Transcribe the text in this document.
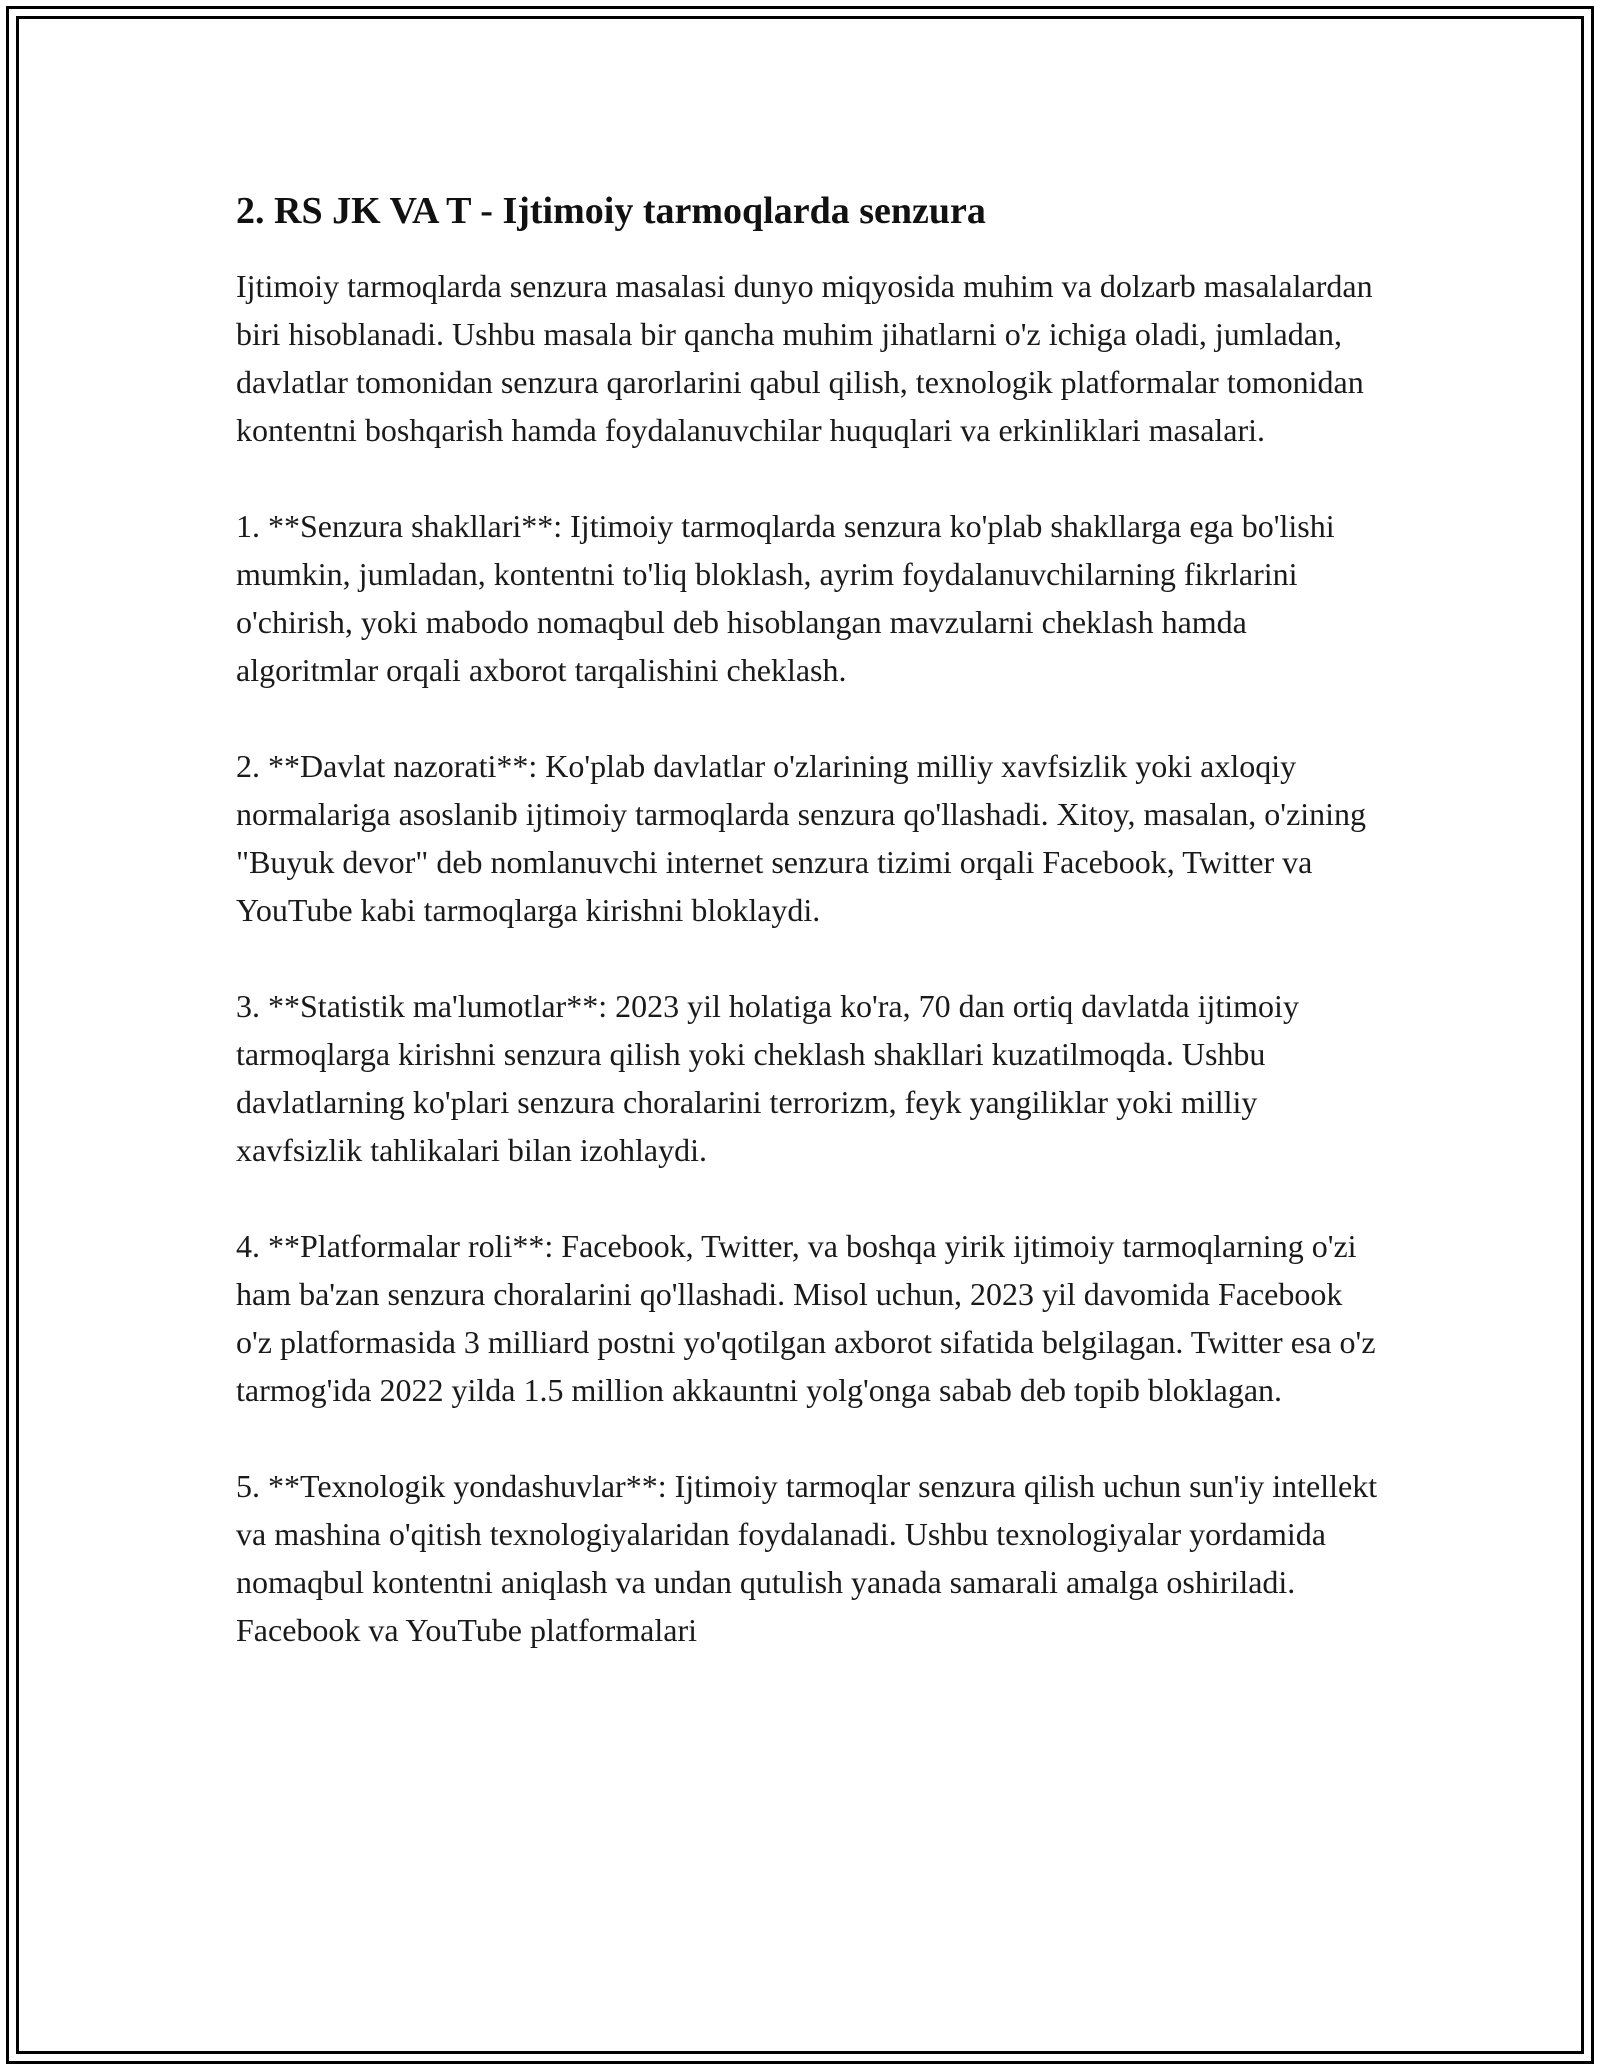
2. RS JK VA T - Ijtimoiy tarmoqlarda senzura

Ijtimoiy tarmoqlarda senzura masalasi dunyo miqyosida muhim va dolzarb masalalardan biri hisoblanadi. Ushbu masala bir qancha muhim jihatlarni o'z ichiga oladi, jumladan, davlatlar tomonidan senzura qarorlarini qabul qilish, texnologik platformalar tomonidan kontentni boshqarish hamda foydalanuvchilar huquqlari va erkinliklari masalari.

1. **Senzura shakllari**: Ijtimoiy tarmoqlarda senzura ko'plab shakllarga ega bo'lishi mumkin, jumladan, kontentni to'liq bloklash, ayrim foydalanuvchilarning fikrlarini o'chirish, yoki mabodo nomaqbul deb hisoblangan mavzularni cheklash hamda algoritmlar orqali axborot tarqalishini cheklash.

2. **Davlat nazorati**: Ko'plab davlatlar o'zlarining milliy xavfsizlik yoki axloqiy normalariga asoslanib ijtimoiy tarmoqlarda senzura qo'llashadi. Xitoy, masalan, o'zining "Buyuk devor" deb nomlanuvchi internet senzura tizimi orqali Facebook, Twitter va YouTube kabi tarmoqlarga kirishni bloklaydi.

3. **Statistik ma'lumotlar**: 2023 yil holatiga ko'ra, 70 dan ortiq davlatda ijtimoiy tarmoqlarga kirishni senzura qilish yoki cheklash shakllari kuzatilmoqda. Ushbu davlatlarning ko'plari senzura choralarini terrorizm, feyk yangiliklar yoki milliy xavfsizlik tahlikalari bilan izohlaydi.

4. **Platformalar roli**: Facebook, Twitter, va boshqa yirik ijtimoiy tarmoqlarning o'zi ham ba'zan senzura choralarini qo'llashadi. Misol uchun, 2023 yil davomida Facebook o'z platformasida 3 milliard postni yo'qotilgan axborot sifatida belgilagan. Twitter esa o'z tarmog'ida 2022 yilda 1.5 million akkauntni yolg'onga sabab deb topib bloklagan.

5. **Texnologik yondashuvlar**: Ijtimoiy tarmoqlar senzura qilish uchun sun'iy intellekt va mashina o'qitish texnologiyalaridan foydalanadi. Ushbu texnologiyalar yordamida nomaqbul kontentni aniqlash va undan qutulish yanada samarali amalga oshiriladi. Facebook va YouTube platformalari
